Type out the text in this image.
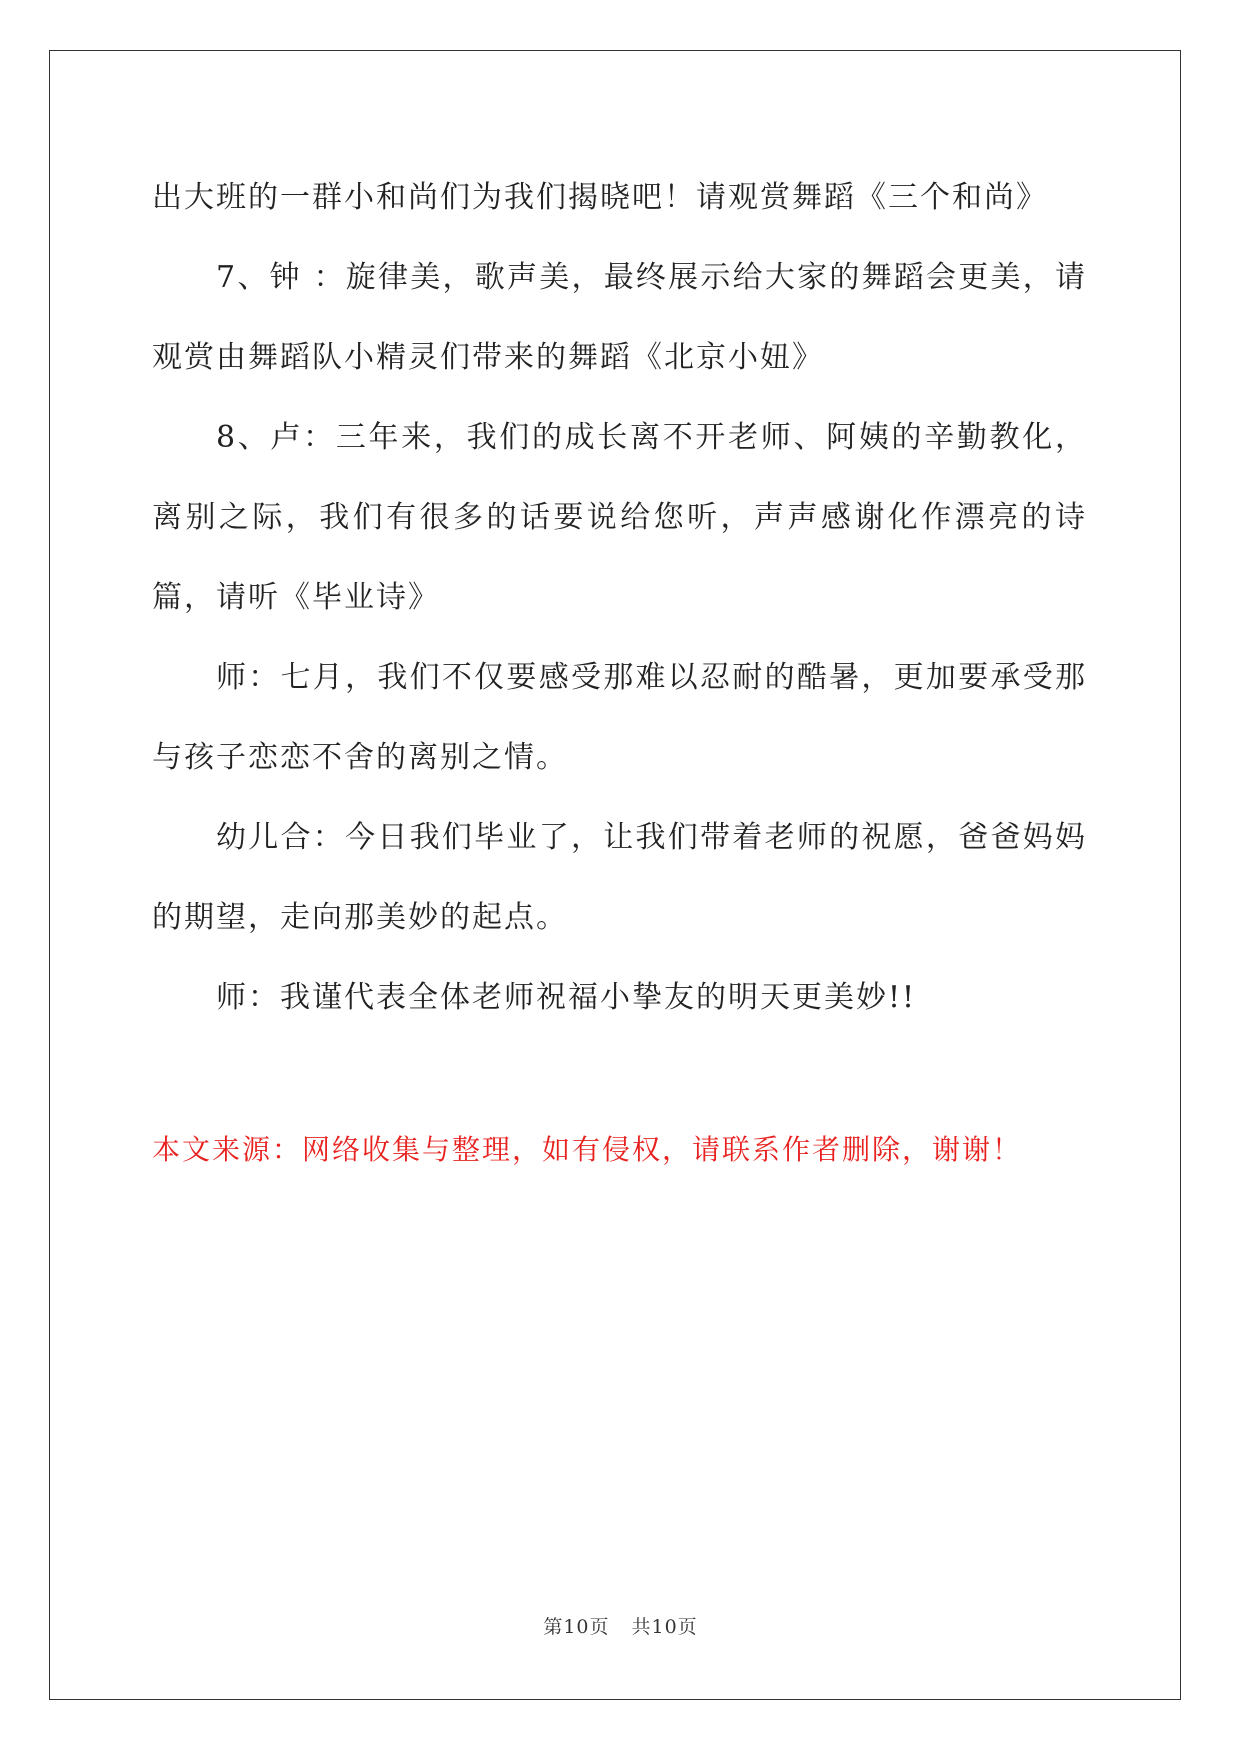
出大班的一群小和尚们为我们揭晓吧！请观赏舞蹈《三个和尚》

7、钟 ：旋律美，歌声美，最终展示给大家的舞蹈会更美，请观赏由舞蹈队小精灵们带来的舞蹈《北京小妞》

8、卢：三年来，我们的成长离不开老师、阿姨的辛勤教化，离别之际，我们有很多的话要说给您听，声声感谢化作漂亮的诗篇，请听《毕业诗》

师：七月，我们不仅要感受那难以忍耐的酷暑，更加要承受那与孩子恋恋不舍的离别之情。

幼儿合：今日我们毕业了，让我们带着老师的祝愿，爸爸妈妈的期望，走向那美妙的起点。

师：我谨代表全体老师祝福小挚友的明天更美妙!!

本文来源：网络收集与整理，如有侵权，请联系作者删除，谢谢！

第10页 共10页
